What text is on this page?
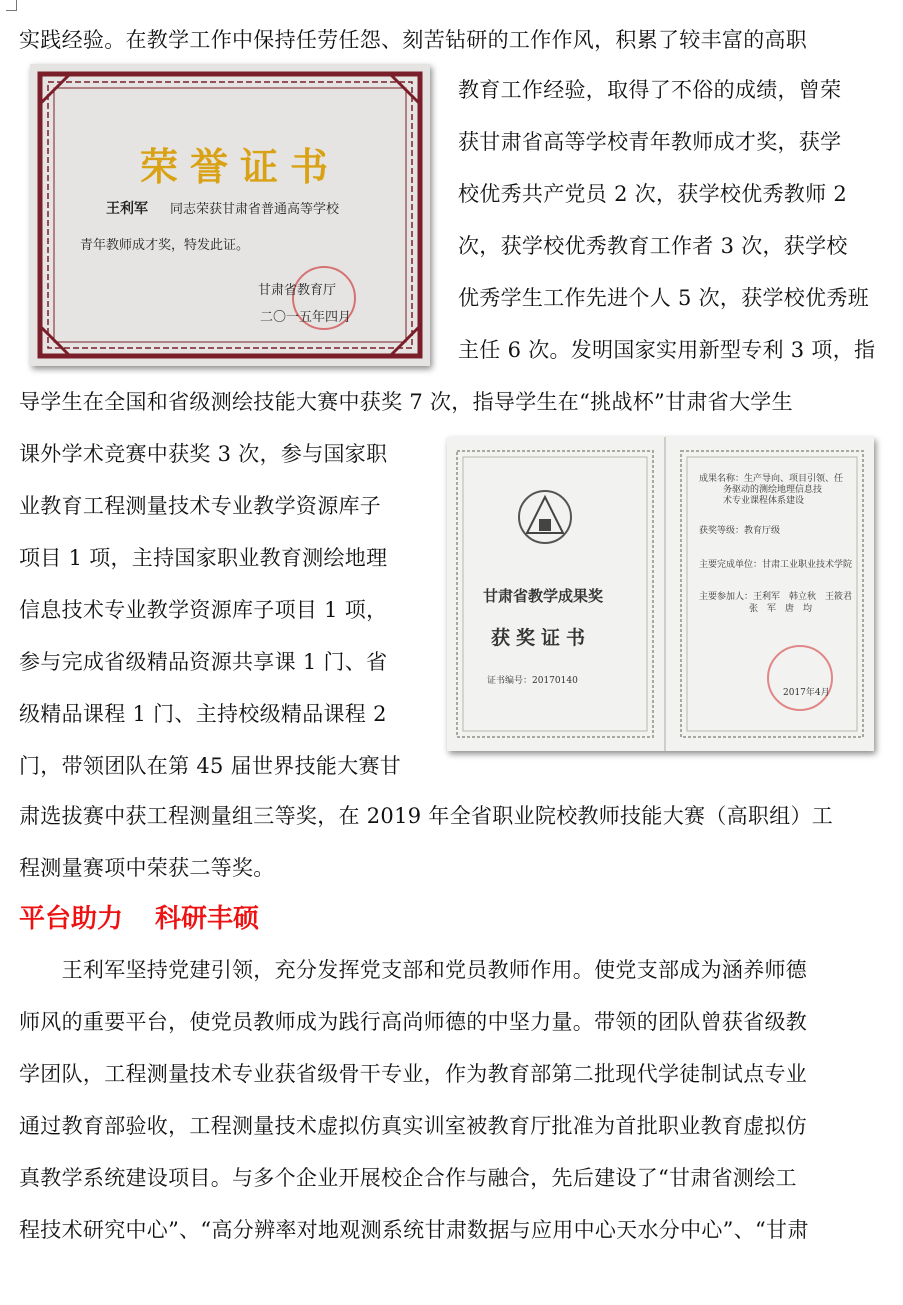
实践经验。在教学工作中保持任劳任怨、刻苦钻研的工作作风，积累了较丰富的高职
教育工作经验，取得了不俗的成绩，曾荣
获甘肃省高等学校青年教师成才奖，获学
校优秀共产党员 2 次，获学校优秀教师 2
次，获学校优秀教育工作者 3 次，获学校
优秀学生工作先进个人 5 次，获学校优秀班
主任 6 次。发明国家实用新型专利 3 项，指
导学生在全国和省级测绘技能大赛中获奖 7 次，指导学生在“挑战杯”甘肃省大学生
课外学术竞赛中获奖 3 次，参与国家职
业教育工程测量技术专业教学资源库子
项目 1 项，主持国家职业教育测绘地理
信息技术专业教学资源库子项目 1 项，
参与完成省级精品资源共享课 1 门、省
级精品课程 1 门、主持校级精品课程 2
门，带领团队在第 45 届世界技能大赛甘
肃选拔赛中获工程测量组三等奖，在 2019 年全省职业院校教师技能大赛（高职组）工
程测量赛项中荣获二等奖。
平台助力 科研丰硕
　　王利军坚持党建引领，充分发挥党支部和党员教师作用。使党支部成为涵养师德
师风的重要平台，使党员教师成为践行高尚师德的中坚力量。带领的团队曾获省级教
学团队，工程测量技术专业获省级骨干专业，作为教育部第二批现代学徒制试点专业
通过教育部验收，工程测量技术虚拟仿真实训室被教育厅批准为首批职业教育虚拟仿
真教学系统建设项目。与多个企业开展校企合作与融合，先后建设了“甘肃省测绘工
程技术研究中心”、“高分辨率对地观测系统甘肃数据与应用中心天水分中心”、“甘肃
荣誉证书
王利军 同志荣获甘肃省普通高等学校
青年教师成才奖，特发此证。
甘肃省教育厅
二〇一五年四月
甘肃省教学成果奖
获奖证书
证书编号：20170140
成果名称：生产导向、项目引领、任
务驱动的测绘地理信息技
术专业课程体系建设
获奖等级：教育厅级
主要完成单位：甘肃工业职业技术学院
主要参加人：王利军　韩立秋　王筱君
张　军　唐　均
2017年4月
